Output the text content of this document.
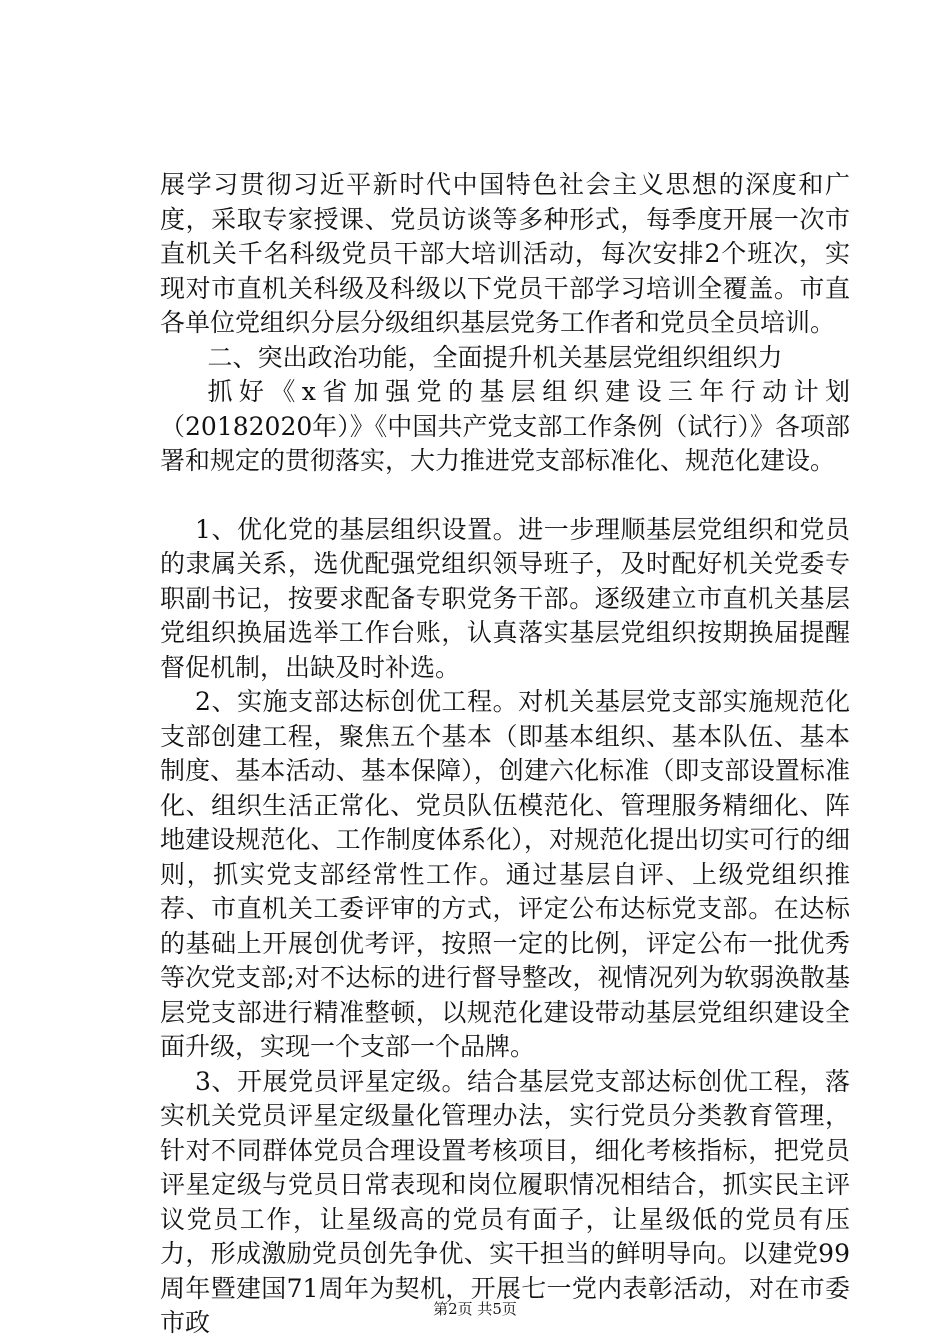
展学习贯彻习近平新时代中国特色社会主义思想的深度和广度，采取专家授课、党员访谈等多种形式，每季度开展一次市直机关千名科级党员干部大培训活动，每次安排2个班次，实现对市直机关科级及科级以下党员干部学习培训全覆盖。市直各单位党组织分层分级组织基层党务工作者和党员全员培训。

二、突出政治功能，全面提升机关基层党组织组织力

抓好《x省加强党的基层组织建设三年行动计划（20182020年）》《中国共产党支部工作条例（试行）》各项部署和规定的贯彻落实，大力推进党支部标准化、规范化建设。

1、优化党的基层组织设置。进一步理顺基层党组织和党员的隶属关系，选优配强党组织领导班子，及时配好机关党委专职副书记，按要求配备专职党务干部。逐级建立市直机关基层党组织换届选举工作台账，认真落实基层党组织按期换届提醒督促机制，出缺及时补选。

2、实施支部达标创优工程。对机关基层党支部实施规范化支部创建工程，聚焦五个基本（即基本组织、基本队伍、基本制度、基本活动、基本保障），创建六化标准（即支部设置标准化、组织生活正常化、党员队伍模范化、管理服务精细化、阵地建设规范化、工作制度体系化），对规范化提出切实可行的细则，抓实党支部经常性工作。通过基层自评、上级党组织推荐、市直机关工委评审的方式，评定公布达标党支部。在达标的基础上开展创优考评，按照一定的比例，评定公布一批优秀等次党支部;对不达标的进行督导整改，视情况列为软弱涣散基层党支部进行精准整顿，以规范化建设带动基层党组织建设全面升级，实现一个支部一个品牌。

3、开展党员评星定级。结合基层党支部达标创优工程，落实机关党员评星定级量化管理办法，实行党员分类教育管理，针对不同群体党员合理设置考核项目，细化考核指标，把党员评星定级与党员日常表现和岗位履职情况相结合，抓实民主评议党员工作，让星级高的党员有面子，让星级低的党员有压力，形成激励党员创先争优、实干担当的鲜明导向。以建党99周年暨建国71周年为契机，开展七一党内表彰活动，对在市委市政	第2页 共5页
